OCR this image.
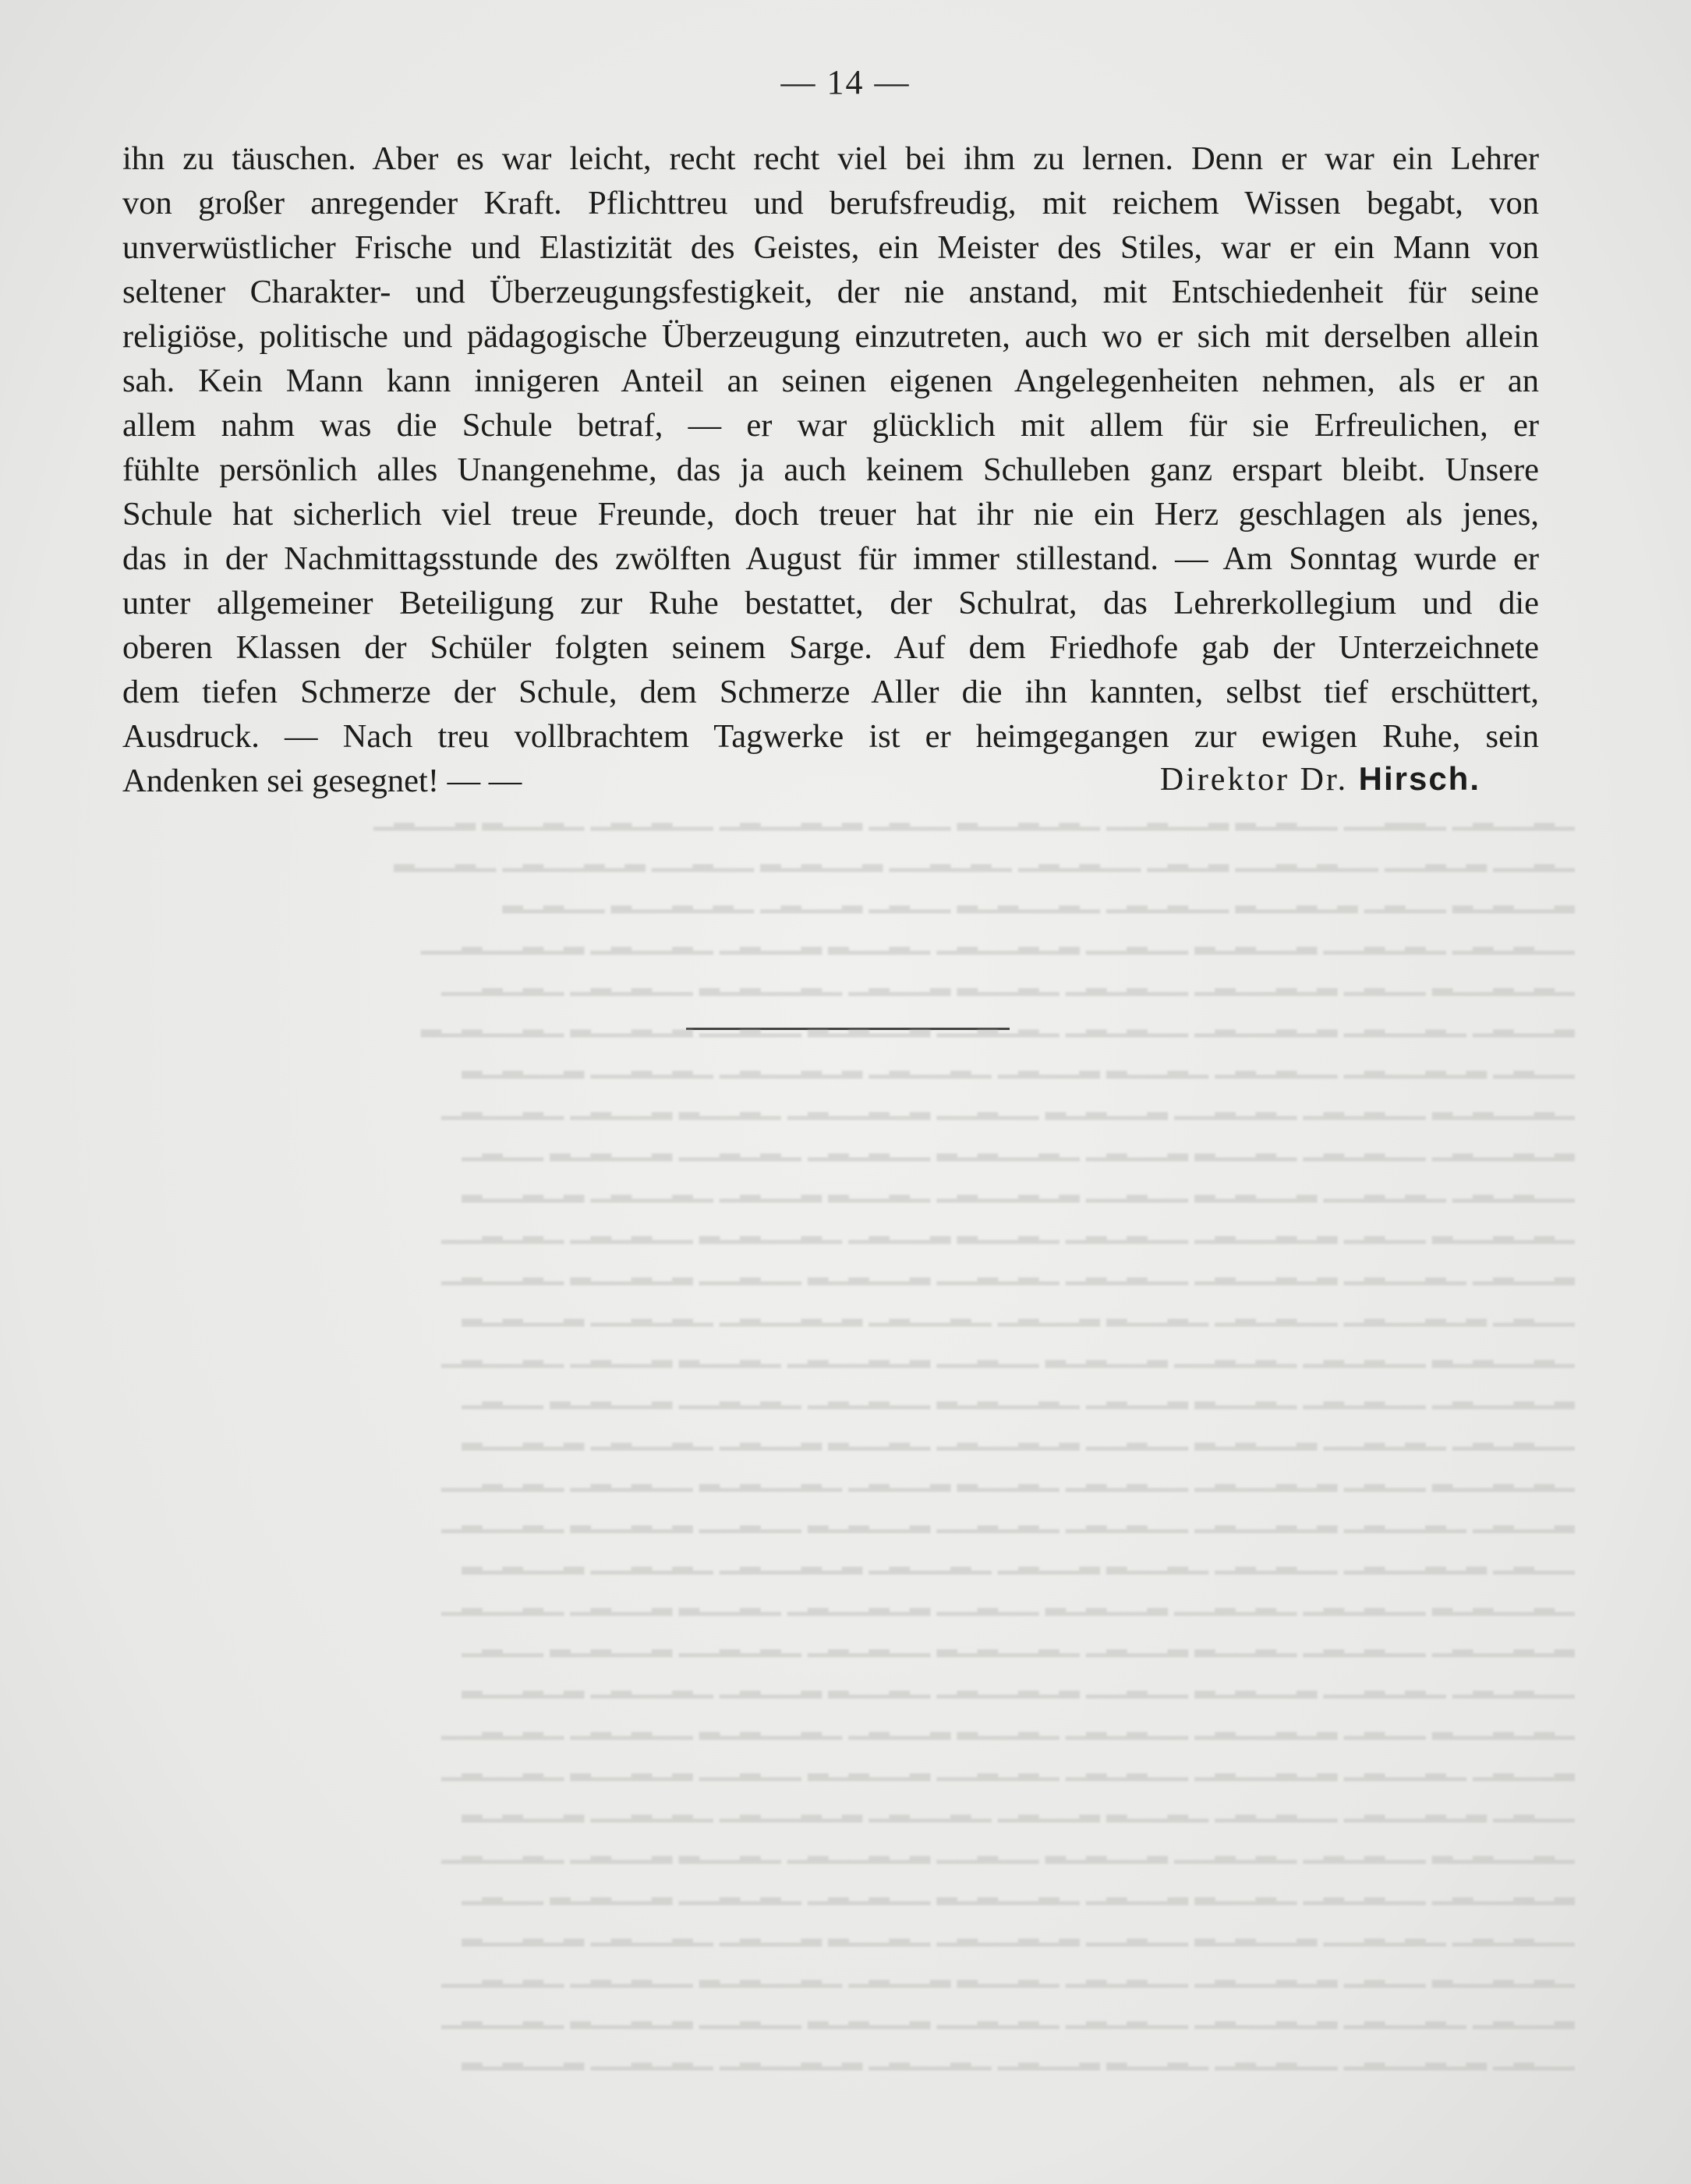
— 14 —
ihn zu täuschen. Aber es war leicht, recht recht viel bei ihm zu lernen. Denn er war ein Lehrer
von großer anregender Kraft. Pflichttreu und berufsfreudig, mit reichem Wissen begabt, von
unverwüstlicher Frische und Elastizität des Geistes, ein Meister des Stiles, war er ein Mann von
seltener Charakter- und Überzeugungsfestigkeit, der nie anstand, mit Entschiedenheit für seine
religiöse, politische und pädagogische Überzeugung einzutreten, auch wo er sich mit derselben allein
sah. Kein Mann kann innigeren Anteil an seinen eigenen Angelegenheiten nehmen, als er an
allem nahm was die Schule betraf, — er war glücklich mit allem für sie Erfreulichen, er
fühlte persönlich alles Unangenehme, das ja auch keinem Schulleben ganz erspart bleibt. Unsere
Schule hat sicherlich viel treue Freunde, doch treuer hat ihr nie ein Herz geschlagen als jenes,
das in der Nachmittagsstunde des zwölften August für immer stillestand. — Am Sonntag wurde er
unter allgemeiner Beteiligung zur Ruhe bestattet, der Schulrat, das Lehrerkollegium und die
oberen Klassen der Schüler folgten seinem Sarge. Auf dem Friedhofe gab der Unterzeichnete
dem tiefen Schmerze der Schule, dem Schmerze Aller die ihn kannten, selbst tief erschüttert,
Ausdruck. — Nach treu vollbrachtem Tagwerke ist er heimgegangen zur ewigen Ruhe, sein
Andenken sei gesegnet! — —	Direktor Dr. Hirsch.
▁▂▁▁▂▁ ▁▂▂▁▁ ▁▁▂▁▂ ▂▁▁▂▁▁ ▁▂▁▂▁▁▂ ▁▁▂▁ ▂▁▂▁▁▂▁ ▁▁▂▁▂▁ ▁▂▁▁▂ ▂▁▁▂▁
▁▂▁▁ ▂▁▂▁▁ ▁▁▂▁▂▁▁ ▂▁▂▁ ▁▁▂▁▂▁ ▁▂▁▂▁▁ ▂▁▁▂▁▂ ▁▁▂▁▁ ▂▁▂▁▁▂▁ ▁▂▁▁▂
▂▁▁▂▁▂ ▁▁▂▁ ▂▁▂▁▁▂ ▁▁▂▁▂▁ ▁▂▁▁▂▁▂ ▁▁▂▁ ▂▁▁▂▁ ▁▂▁▂▁▁▂ ▁▁▂▁▂
▁▁▂▁▂▁ ▁▂▁▂▁▁ ▂▁▁▂▁▂ ▁▁▂▁▁ ▂▁▂▁▁▂▁ ▁▂▁▁▂ ▂▁▁▂▁ ▁▂▁▁▂▁ ▂▁▂▁▁▂▁▁
▁▂▁▂▁▁▂ ▁▁▂▁ ▂▁▂▁▁▂▁ ▁▁▂▁▂▁ ▁▂▁▁▂ ▂▁▁▂▁ ▁▂▁▁▂▁▂ ▁▁▂▁▂▁ ▁▂▁▂▁▁
▂▁▁▂▁ ▁▂▁▁▂▁ ▂▁▂▁▁▂▁ ▁▁▂▁▂▁ ▁▂▁▂▁▁ ▂▁▁▂▁▂ ▁▁▂▁▁ ▂▁▂▁▁▂ ▁▂▁▁▂▁▂
▁▁▂▁ ▂▁▂▁▁▂▁ ▁▁▂▁▂▁ ▁▂▁▁▂ ▂▁▁▂▁ ▁▂▁▁▂▁ ▂▁▂▁▁▂▁ ▁▂▁▂▁▁ ▂▁▁▂▁▂
▁▂▁▁▂▁▂ ▁▁▂▁▂▁ ▁▂▁▂▁▁ ▂▁▁▂▁▂ ▁▁▂▁▁ ▂▁▂▁▁▂▁ ▁▂▁▁▂ ▂▁▁▂▁ ▁▂▁▁▂▁
▂▁▂▁▁▂▁ ▁▁▂▁▂▁ ▁▂▁▁▂ ▂▁▁▂▁ ▁▂▁▁▂▁▂ ▁▁▂▁▂▁ ▁▂▁▂▁▁ ▂▁▁▂▁▂ ▁▁▂▁
▁▁▂▁▂▁ ▁▂▁▂▁▁ ▂▁▁▂▁▂ ▁▁▂▁▁ ▂▁▂▁▁▂▁ ▁▂▁▁▂ ▂▁▁▂▁ ▁▂▁▁▂▁ ▂▁▂▁▁▂
▁▂▁▂▁▁▂ ▁▁▂▁ ▂▁▂▁▁▂▁ ▁▁▂▁▂▁ ▁▂▁▁▂ ▂▁▁▂▁ ▁▂▁▁▂▁▂ ▁▁▂▁▂▁ ▁▂▁▂▁▁
▂▁▁▂▁ ▁▂▁▁▂▁ ▂▁▂▁▁▂▁ ▁▁▂▁▂▁ ▁▂▁▂▁▁ ▂▁▁▂▁▂ ▁▁▂▁▁ ▂▁▂▁▁▂ ▁▂▁▁▂▁
▁▁▂▁ ▂▁▂▁▁▂▁ ▁▁▂▁▂▁ ▁▂▁▁▂ ▂▁▁▂▁ ▁▂▁▁▂▁ ▂▁▂▁▁▂▁ ▁▂▁▂▁▁ ▂▁▁▂▁▂
▁▂▁▁▂▁▂ ▁▁▂▁▂▁ ▁▂▁▂▁▁ ▂▁▁▂▁▂ ▁▁▂▁▁ ▂▁▂▁▁▂▁ ▁▂▁▁▂ ▂▁▁▂▁ ▁▂▁▁▂▁
▂▁▂▁▁▂▁ ▁▁▂▁▂▁ ▁▂▁▁▂ ▂▁▁▂▁ ▁▂▁▁▂▁▂ ▁▁▂▁▂▁ ▁▂▁▂▁▁ ▂▁▁▂▁▂ ▁▁▂▁
▁▁▂▁▂▁ ▁▂▁▂▁▁ ▂▁▁▂▁▂ ▁▁▂▁▁ ▂▁▂▁▁▂▁ ▁▂▁▁▂ ▂▁▁▂▁ ▁▂▁▁▂▁ ▂▁▂▁▁▂
▁▂▁▂▁▁▂ ▁▁▂▁ ▂▁▂▁▁▂▁ ▁▁▂▁▂▁ ▁▂▁▁▂ ▂▁▁▂▁ ▁▂▁▁▂▁▂ ▁▁▂▁▂▁ ▁▂▁▂▁▁
▂▁▁▂▁ ▁▂▁▁▂▁ ▂▁▂▁▁▂▁ ▁▁▂▁▂▁ ▁▂▁▂▁▁ ▂▁▁▂▁▂ ▁▁▂▁▁ ▂▁▂▁▁▂ ▁▂▁▁▂▁
▁▁▂▁ ▂▁▂▁▁▂▁ ▁▁▂▁▂▁ ▁▂▁▁▂ ▂▁▁▂▁ ▁▂▁▁▂▁ ▂▁▂▁▁▂▁ ▁▂▁▂▁▁ ▂▁▁▂▁▂
▁▂▁▁▂▁▂ ▁▁▂▁▂▁ ▁▂▁▂▁▁ ▂▁▁▂▁▂ ▁▁▂▁▁ ▂▁▂▁▁▂▁ ▁▂▁▁▂ ▂▁▁▂▁ ▁▂▁▁▂▁
▂▁▂▁▁▂▁ ▁▁▂▁▂▁ ▁▂▁▁▂ ▂▁▁▂▁ ▁▂▁▁▂▁▂ ▁▁▂▁▂▁ ▁▂▁▂▁▁ ▂▁▁▂▁▂ ▁▁▂▁
▁▁▂▁▂▁ ▁▂▁▂▁▁ ▂▁▁▂▁▂ ▁▁▂▁▁ ▂▁▂▁▁▂▁ ▁▂▁▁▂ ▂▁▁▂▁ ▁▂▁▁▂▁ ▂▁▂▁▁▂
▁▂▁▂▁▁▂ ▁▁▂▁ ▂▁▂▁▁▂▁ ▁▁▂▁▂▁ ▁▂▁▁▂ ▂▁▁▂▁ ▁▂▁▁▂▁▂ ▁▁▂▁▂▁ ▁▂▁▂▁▁
▂▁▁▂▁ ▁▂▁▁▂▁ ▂▁▂▁▁▂▁ ▁▁▂▁▂▁ ▁▂▁▂▁▁ ▂▁▁▂▁▂ ▁▁▂▁▁ ▂▁▂▁▁▂ ▁▂▁▁▂▁
▁▁▂▁ ▂▁▂▁▁▂▁ ▁▁▂▁▂▁ ▁▂▁▁▂ ▂▁▁▂▁ ▁▂▁▁▂▁ ▂▁▂▁▁▂▁ ▁▂▁▂▁▁ ▂▁▁▂▁▂
▁▂▁▁▂▁▂ ▁▁▂▁▂▁ ▁▂▁▂▁▁ ▂▁▁▂▁▂ ▁▁▂▁▁ ▂▁▂▁▁▂▁ ▁▂▁▁▂ ▂▁▁▂▁ ▁▂▁▁▂▁
▂▁▂▁▁▂▁ ▁▁▂▁▂▁ ▁▂▁▁▂ ▂▁▁▂▁ ▁▂▁▁▂▁▂ ▁▁▂▁▂▁ ▁▂▁▂▁▁ ▂▁▁▂▁▂ ▁▁▂▁
▁▁▂▁▂▁ ▁▂▁▂▁▁ ▂▁▁▂▁▂ ▁▁▂▁▁ ▂▁▂▁▁▂▁ ▁▂▁▁▂ ▂▁▁▂▁ ▁▂▁▁▂▁ ▂▁▂▁▁▂
▁▂▁▂▁▁▂ ▁▁▂▁ ▂▁▂▁▁▂▁ ▁▁▂▁▂▁ ▁▂▁▁▂ ▂▁▁▂▁ ▁▂▁▁▂▁▂ ▁▁▂▁▂▁ ▁▂▁▂▁▁
▂▁▁▂▁ ▁▂▁▁▂▁ ▂▁▂▁▁▂▁ ▁▁▂▁▂▁ ▁▂▁▂▁▁ ▂▁▁▂▁▂ ▁▁▂▁▁ ▂▁▂▁▁▂ ▁▂▁▁▂▁
▁▁▂▁ ▂▁▂▁▁▂▁ ▁▁▂▁▂▁ ▁▂▁▁▂ ▂▁▁▂▁ ▁▂▁▁▂▁ ▂▁▂▁▁▂▁ ▁▂▁▂▁▁ ▂▁▁▂▁▂
